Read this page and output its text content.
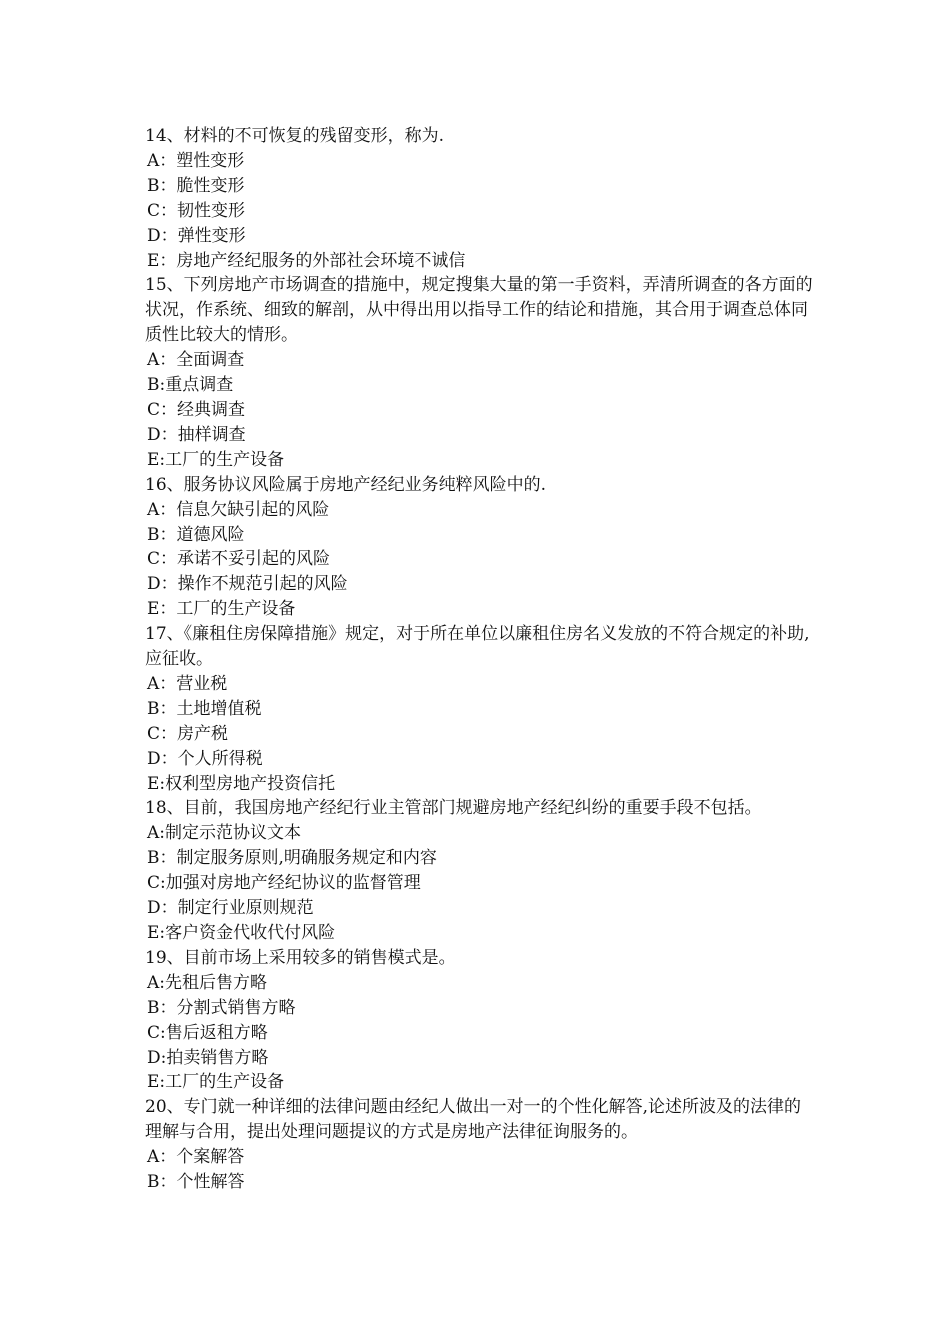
14、材料的不可恢复的残留变形，称为.

A：塑性变形

B：脆性变形

C：韧性变形

D：弹性变形

E：房地产经纪服务的外部社会环境不诚信

15、下列房地产市场调查的措施中，规定搜集大量的第一手资料，弄清所调查的各方面的状况，作系统、细致的解剖，从中得出用以指导工作的结论和措施，其合用于调查总体同质性比较大的情形。

A：全面调查

B:重点调查

C：经典调查

D：抽样调查

E:工厂的生产设备

16、服务协议风险属于房地产经纪业务纯粹风险中的.

A：信息欠缺引起的风险

B：道德风险

C：承诺不妥引起的风险

D：操作不规范引起的风险

E：工厂的生产设备

17、《廉租住房保障措施》规定，对于所在单位以廉租住房名义发放的不符合规定的补助,应征收。

A：营业税

B：土地增值税

C：房产税

D：个人所得税

E:权利型房地产投资信托

18、目前，我国房地产经纪行业主管部门规避房地产经纪纠纷的重要手段不包括。

A:制定示范协议文本

B：制定服务原则,明确服务规定和内容

C:加强对房地产经纪协议的监督管理

D：制定行业原则规范

E:客户资金代收代付风险

19、目前市场上采用较多的销售模式是。

A:先租后售方略

B：分割式销售方略

C:售后返租方略

D:拍卖销售方略

E:工厂的生产设备

20、专门就一种详细的法律问题由经纪人做出一对一的个性化解答,论述所波及的法律的理解与合用，提出处理问题提议的方式是房地产法律征询服务的。

A：个案解答

B：个性解答
